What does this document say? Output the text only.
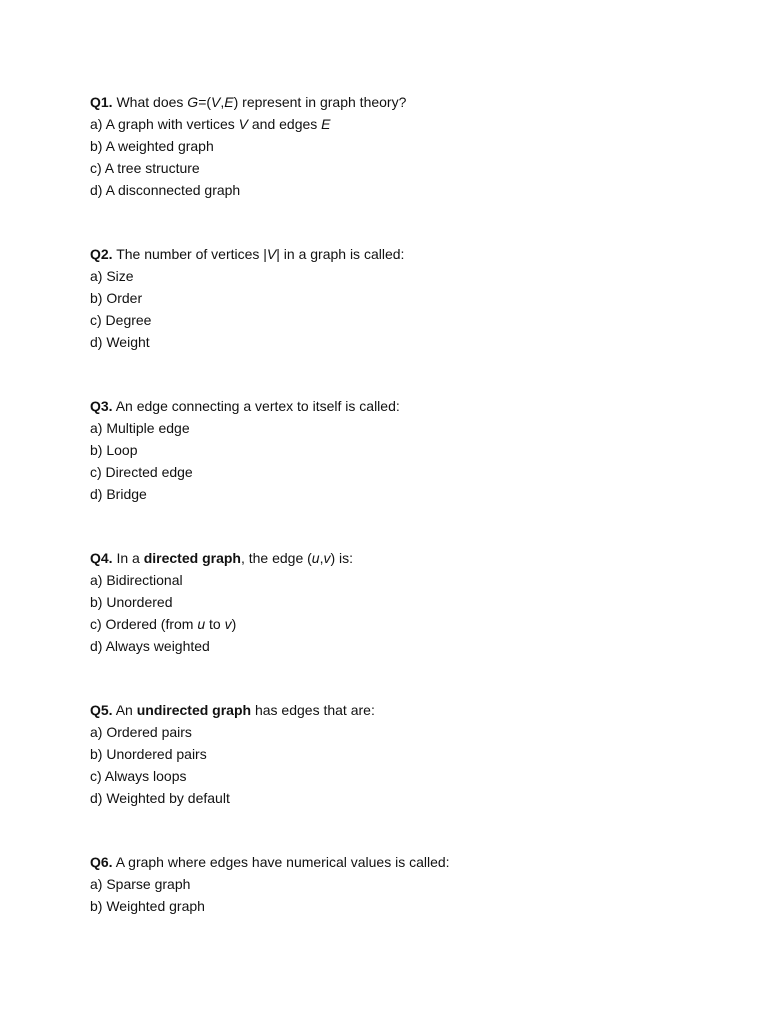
Q1. What does G=(V,E) represent in graph theory?
a) A graph with vertices V and edges E
b) A weighted graph
c) A tree structure
d) A disconnected graph
Q2. The number of vertices |V| in a graph is called:
a) Size
b) Order
c) Degree
d) Weight
Q3. An edge connecting a vertex to itself is called:
a) Multiple edge
b) Loop
c) Directed edge
d) Bridge
Q4. In a directed graph, the edge (u,v) is:
a) Bidirectional
b) Unordered
c) Ordered (from u to v)
d) Always weighted
Q5. An undirected graph has edges that are:
a) Ordered pairs
b) Unordered pairs
c) Always loops
d) Weighted by default
Q6. A graph where edges have numerical values is called:
a) Sparse graph
b) Weighted graph
